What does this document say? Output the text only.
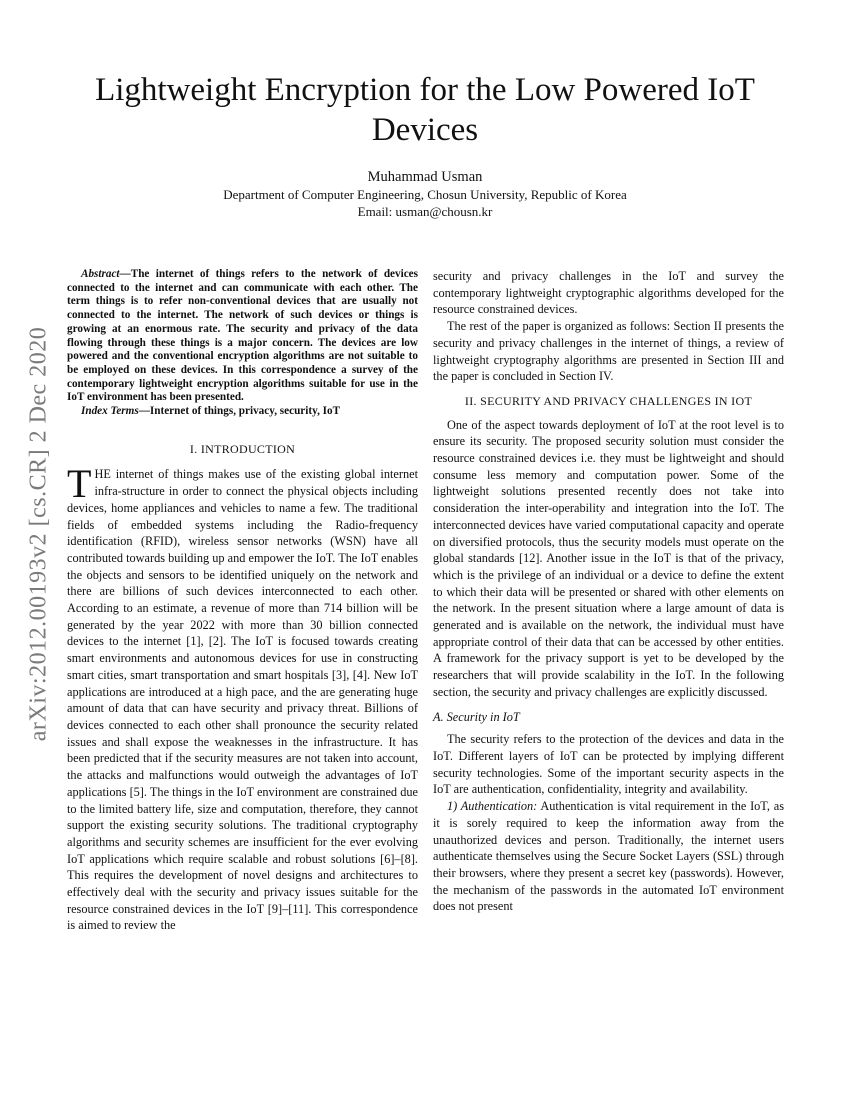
Lightweight Encryption for the Low Powered IoT Devices
Muhammad Usman
Department of Computer Engineering, Chosun University, Republic of Korea
Email: usman@chousn.kr
arXiv:2012.00193v2 [cs.CR] 2 Dec 2020

Abstract—The internet of things refers to the network of devices connected to the internet and can communicate with each other. The term things is to refer non-conventional devices that are usually not connected to the internet. The network of such devices or things is growing at an enormous rate. The security and privacy of the data flowing through these things is a major concern. The devices are low powered and the conventional encryption algorithms are not suitable to be employed on these devices. In this correspondence a survey of the contemporary lightweight encryption algorithms suitable for use in the IoT environment has been presented.

Index Terms—Internet of things, privacy, security, IoT

I. INTRODUCTION

THE internet of things makes use of the existing global internet infra-structure in order to connect the physical objects including devices, home appliances and vehicles to name a few. The traditional fields of embedded systems including the Radio-frequency identification (RFID), wireless sensor networks (WSN) have all contributed towards building up and empower the IoT. The IoT enables the objects and sensors to be identified uniquely on the network and there are billions of such devices interconnected to each other. According to an estimate, a revenue of more than 714 billion will be generated by the year 2022 with more than 30 billion connected devices to the internet [1], [2]. The IoT is focused towards creating smart environments and autonomous devices for use in constructing smart cities, smart transportation and smart hospitals [3], [4]. New IoT applications are introduced at a high pace, and the are generating huge amount of data that can have security and privacy threat. Billions of devices connected to each other shall pronounce the security related issues and shall expose the weaknesses in the infrastructure. It has been predicted that if the security measures are not taken into account, the attacks and malfunctions would outweigh the advantages of IoT applications [5]. The things in the IoT environment are constrained due to the limited battery life, size and computation, therefore, they cannot support the existing security solutions. The traditional cryptography algorithms and security schemes are insufficient for the ever evolving IoT applications which require scalable and robust solutions [6]–[8]. This requires the development of novel designs and architectures to effectively deal with the security and privacy issues suitable for the resource constrained devices in the IoT [9]–[11]. This correspondence is aimed to review the

security and privacy challenges in the IoT and survey the contemporary lightweight cryptographic algorithms developed for the resource constrained devices.

The rest of the paper is organized as follows: Section II presents the security and privacy challenges in the internet of things, a review of lightweight cryptography algorithms are presented in Section III and the paper is concluded in Section IV.

II. SECURITY AND PRIVACY CHALLENGES IN IOT

One of the aspect towards deployment of IoT at the root level is to ensure its security. The proposed security solution must consider the resource constrained devices i.e. they must be lightweight and should consume less memory and computation power. Some of the lightweight solutions presented recently does not take into consideration the inter-operability and integration into the IoT. The interconnected devices have varied computational capacity and operate on diversified protocols, thus the security models must operate on the global standards [12]. Another issue in the IoT is that of the privacy, which is the privilege of an individual or a device to define the extent to which their data will be presented or shared with other elements on the network. In the present situation where a large amount of data is generated and is available on the network, the individual must have appropriate control of their data that can be accessed by other entities. A framework for the privacy support is yet to be developed by the researchers that will provide scalability in the IoT. In the following section, the security and privacy challenges are explicitly discussed.

A. Security in IoT

The security refers to the protection of the devices and data in the IoT. Different layers of IoT can be protected by implying different security technologies. Some of the important security aspects in the IoT are authentication, confidentiality, integrity and availability.

1) Authentication: Authentication is vital requirement in the IoT, as it is sorely required to keep the information away from the unauthorized devices and person. Traditionally, the internet users authenticate themselves using the Secure Socket Layers (SSL) through their browsers, where they present a secret key (passwords). However, the mechanism of the passwords in the automated IoT environment does not present
